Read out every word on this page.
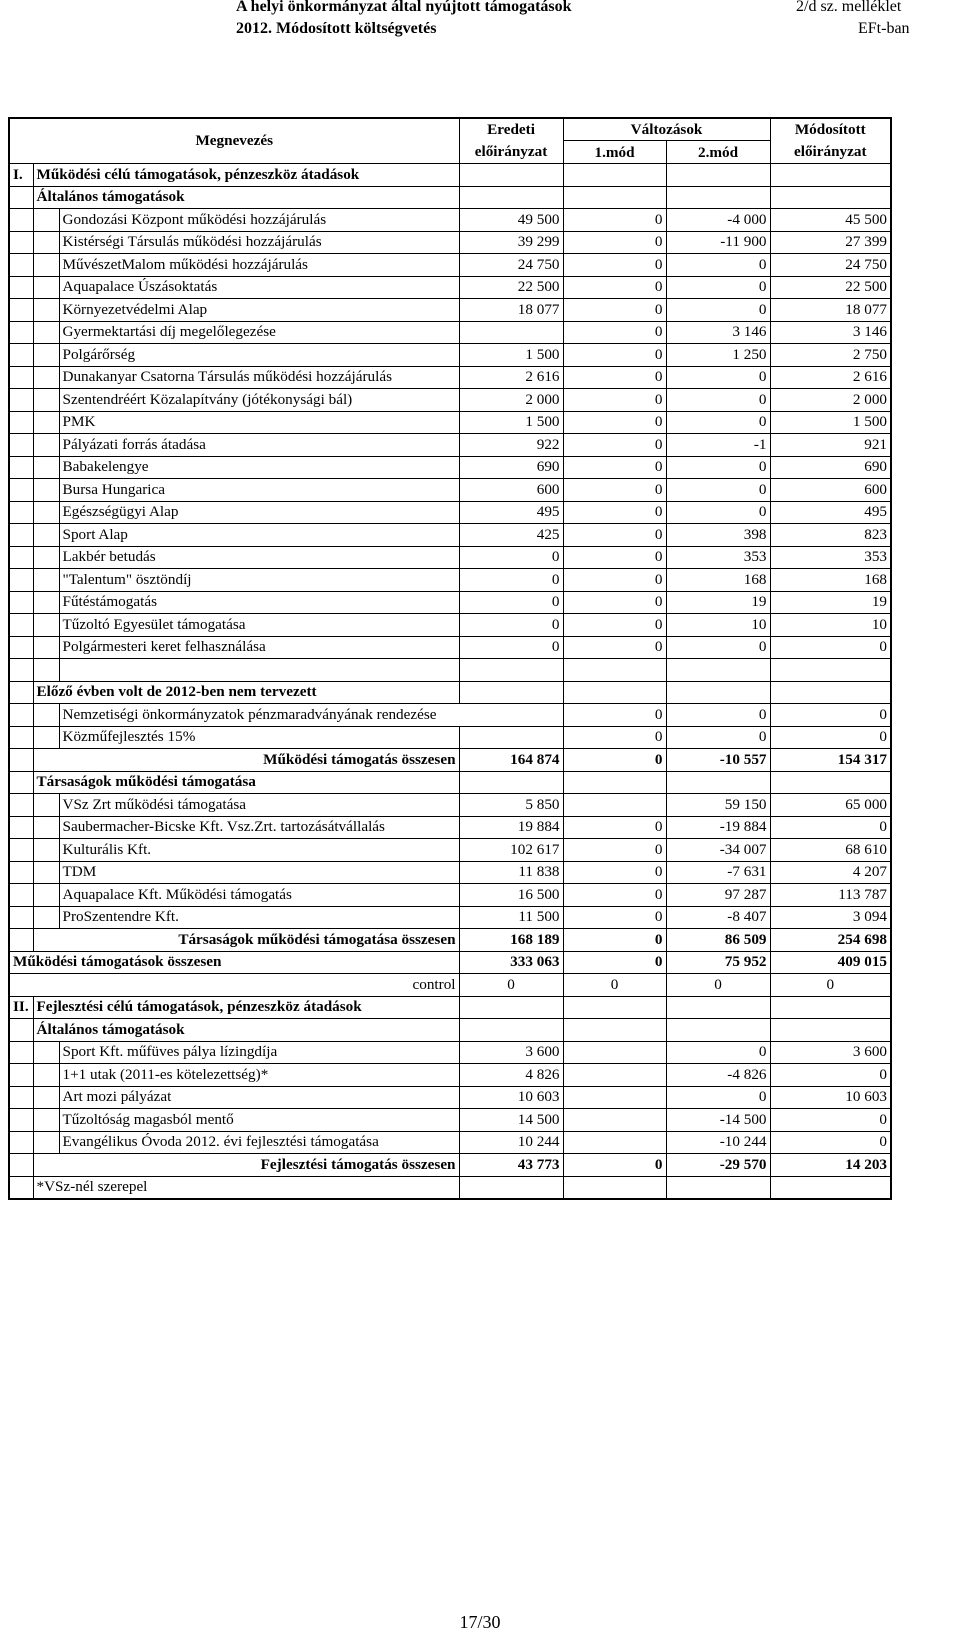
A helyi önkormányzat által nyújtott támogatások
2012. Módosított költségvetés
2/d sz. melléklet
EFt-ban
Megnevezés			Eredeti előirányzat	Változások		Módosított előirányzat
				1.mód	2.mód	
I.	Működési célú támogatások, pénzeszköz átadások					
	Általános támogatások					
		Gondozási Központ működési hozzájárulás	49 500	0	-4 000	45 500
		Kistérségi Társulás működési hozzájárulás	39 299	0	-11 900	27 399
		MűvészetMalom működési hozzájárulás	24 750	0	0	24 750
		Aquapalace Úszásoktatás	22 500	0	0	22 500
		Környezetvédelmi Alap	18 077	0	0	18 077
		Gyermektartási díj megelőlegezése		0	3 146	3 146
		Polgárőrség	1 500	0	1 250	2 750
		Dunakanyar Csatorna Társulás működési hozzájárulás	2 616	0	0	2 616
		Szentendréért Közalapítvány (jótékonysági bál)	2 000	0	0	2 000
		PMK	1 500	0	0	1 500
		Pályázati forrás átadása	922	0	-1	921
		Babakelengye	690	0	0	690
		Bursa Hungarica	600	0	0	600
		Egészségügyi Alap	495	0	0	495
		Sport Alap	425	0	398	823
		Lakbér betudás	0	0	353	353
		"Talentum" ösztöndíj	0	0	168	168
		Fűtéstámogatás	0	0	19	19
		Tűzoltó Egyesület támogatása	0	0	10	10
		Polgármesteri keret felhasználása	0	0	0	0

	Előző évben volt de 2012-ben nem tervezett					
		Nemzetiségi önkormányzatok pénzmaradványának rendezése		0	0	0
		Közműfejlesztés 15%		0	0	0
	Működési támogatás összesen		164 874	0	-10 557	154 317
	Társaságok működési támogatása					
		VSz Zrt működési támogatása	5 850		59 150	65 000
		Saubermacher-Bicske Kft. Vsz.Zrt. tartozásátvállalás	19 884	0	-19 884	0
		Kulturális Kft.	102 617	0	-34 007	68 610
		TDM	11 838	0	-7 631	4 207
		Aquapalace Kft. Működési támogatás	16 500	0	97 287	113 787
		ProSzentendre Kft.	11 500	0	-8 407	3 094
	Társaságok működési támogatása összesen		168 189	0	86 509	254 698
Működési támogatások összesen			333 063	0	75 952	409 015
control			0	0	0	0
II.	Fejlesztési célú támogatások, pénzeszköz átadások					
	Általános támogatások					
		Sport Kft. műfüves pálya lízingdíja	3 600		0	3 600
		1+1 utak (2011-es kötelezettség)*	4 826		-4 826	0
		Art mozi pályázat	10 603		0	10 603
		Tűzoltóság magasból mentő	14 500		-14 500	0
		Evangélikus Óvoda 2012. évi fejlesztési támogatása	10 244		-10 244	0
	Fejlesztési támogatás összesen		43 773	0	-29 570	14 203
	*VSz-nél szerepel					
17/30
